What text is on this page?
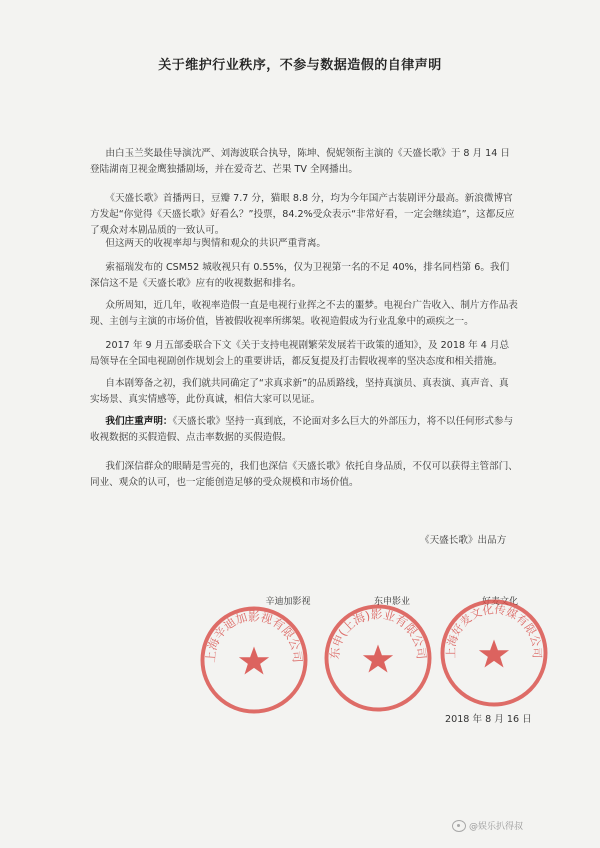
关于维护行业秩序，不参与数据造假的自律声明

由白玉兰奖最佳导演沈严、刘海波联合执导，陈坤、倪妮领衔主演的《天盛长歌》于 8 月 14 日登陆湖南卫视金鹰独播剧场，并在爱奇艺、芒果 TV 全网播出。

《天盛长歌》首播两日，豆瓣 7.7 分，猫眼 8.8 分，均为今年国产古装剧评分最高。新浪微博官方发起“你觉得《天盛长歌》好看么？”投票，84.2%受众表示“非常好看，一定会继续追”，这都反应了观众对本剧品质的一致认可。

但这两天的收视率却与舆情和观众的共识严重背离。

索福瑞发布的 CSM52 城收视只有 0.55%，仅为卫视第一名的不足 40%，排名同档第 6。我们深信这不是《天盛长歌》应有的收视数据和排名。

众所周知，近几年，收视率造假一直是电视行业挥之不去的噩梦。电视台广告收入、制片方作品表现、主创与主演的市场价值，皆被假收视率所绑架。收视造假成为行业乱象中的顽疾之一。

2017 年 9 月五部委联合下文《关于支持电视剧繁荣发展若干政策的通知》，及 2018 年 4 月总局领导在全国电视剧创作规划会上的重要讲话，都反复提及打击假收视率的坚决态度和相关措施。

自本剧筹备之初，我们就共同确定了“求真求新”的品质路线，坚持真演员、真表演、真声音、真实场景、真实情感等，此份真诚，相信大家可以见证。

我们庄重声明：《天盛长歌》坚持一真到底，不论面对多么巨大的外部压力，将不以任何形式参与收视数据的买假造假、点击率数据的买假造假。

我们深信群众的眼睛是雪亮的，我们也深信《天盛长歌》依托自身品质，不仅可以获得主管部门、同业、观众的认可，也一定能创造足够的受众规模和市场价值。

《天盛长歌》出品方
辛迪加影视	东申影业	好麦文化
上海辛迪加影视有限公司 东申(上海)影业有限公司 上海好麦文化传媒有限公司
2018 年 8 月 16 日
@娱乐扒得叔
